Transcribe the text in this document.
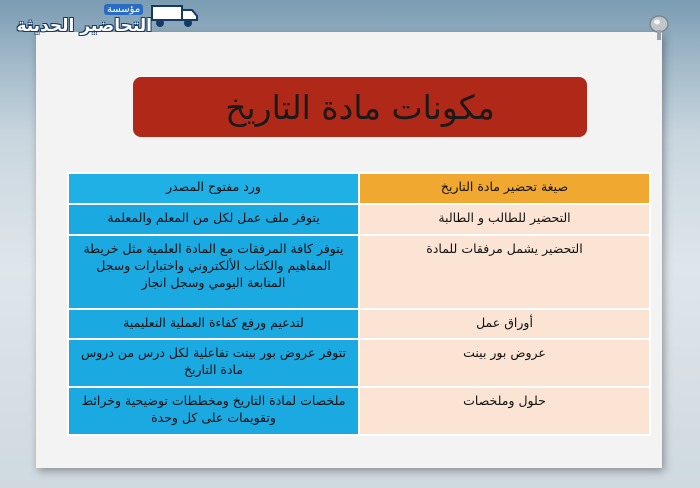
مؤسسة
التحاضير الحديثة
مكونات مادة التاريخ
صيغة تحضير مادة التاريخ	ورد مفتوح المصدر
التحضير للطالب و الطالبة	يتوفر ملف عمل لكل من المعلم والمعلمة
التحضير يشمل مرفقات للمادة	يتوفر كافة المرفقات مع المادة العلمية مثل خريطة المفاهيم والكتاب الألكتروني واختبارات وسجل المتابعة اليومي وسجل انجاز
أوراق عمل	لتدعيم ورفع كفاءة العملية التعليمية
عروض بور بينت	تتوفر عروض بور بينت تفاعلية لكل درس من دروس مادة التاريخ
حلول وملخصات	ملخصات لمادة التاريخ ومخططات توضيحية وخرائط وتقويمات على كل وحدة
